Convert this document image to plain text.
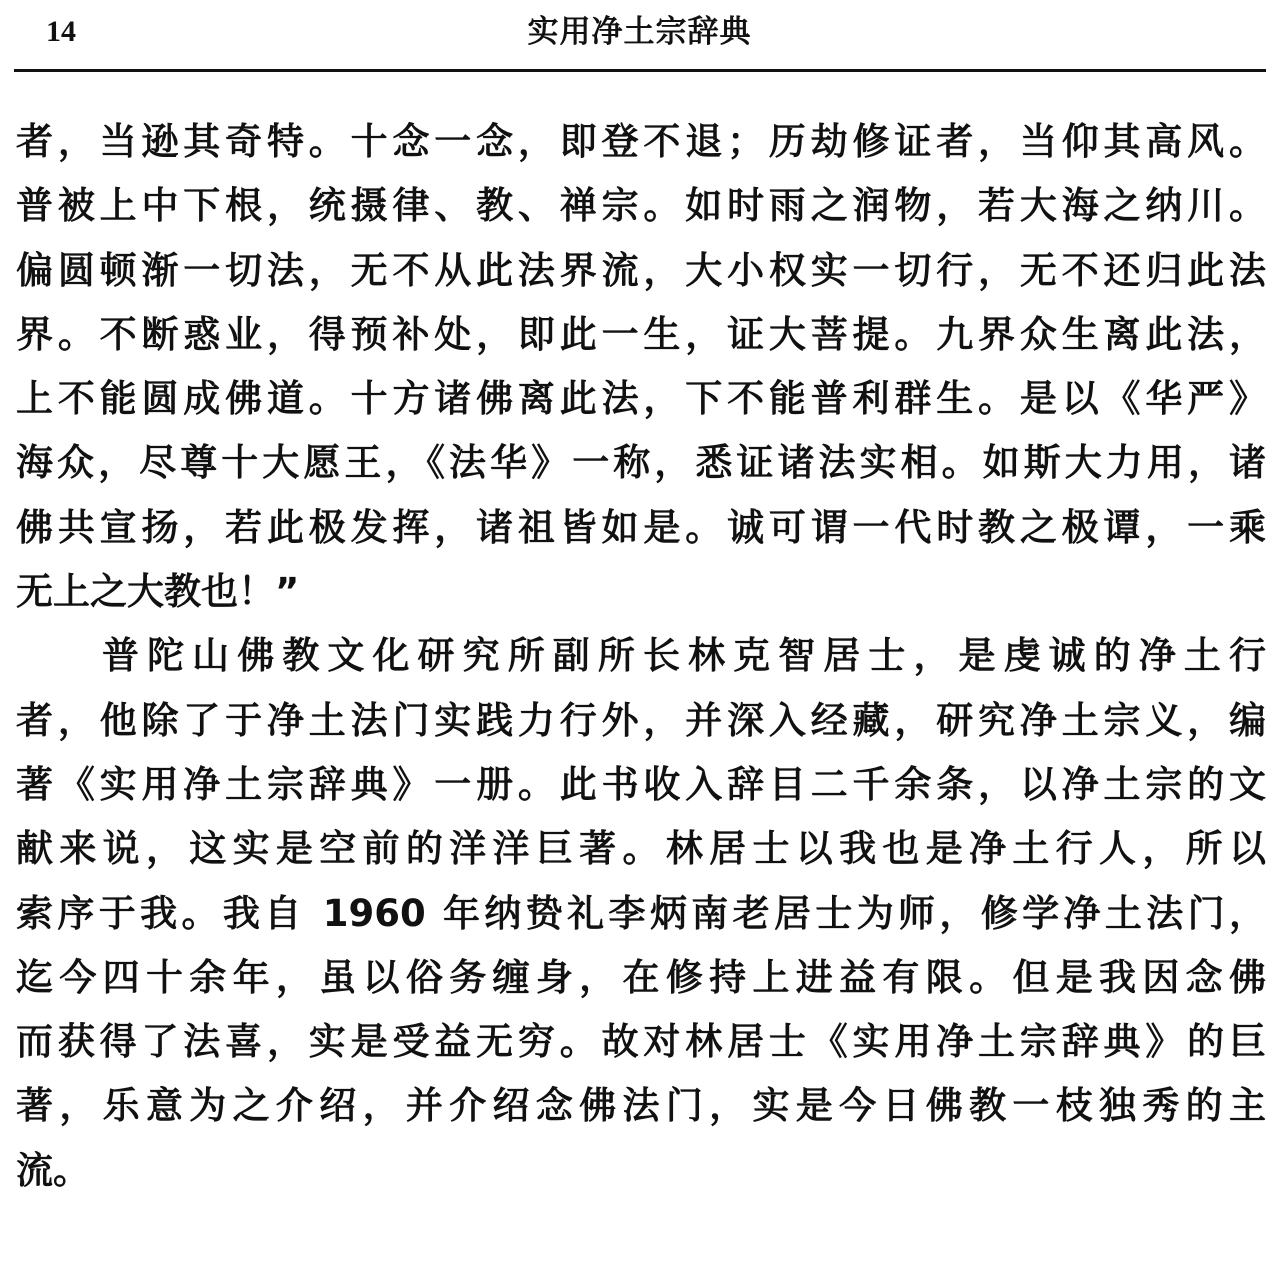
14	实用净土宗辞典
者，当逊其奇特。十念一念，即登不退；历劫修证者，当仰其高风。
普被上中下根，统摄律、教、禅宗。如时雨之润物，若大海之纳川。
偏圆顿渐一切法，无不从此法界流，大小权实一切行，无不还归此法
界。不断惑业，得预补处，即此一生，证大菩提。九界众生离此法，
上不能圆成佛道。十方诸佛离此法，下不能普利群生。是以《华严》
海众，尽尊十大愿王，《法华》一称，悉证诸法实相。如斯大力用，诸
佛共宣扬，若此极发挥，诸祖皆如是。诚可谓一代时教之极谭，一乘
无上之大教也！”
普陀山佛教文化研究所副所长林克智居士，是虔诚的净土行
者，他除了于净土法门实践力行外，并深入经藏，研究净土宗义，编
著《实用净土宗辞典》一册。此书收入辞目二千余条，以净土宗的文
献来说，这实是空前的洋洋巨著。林居士以我也是净土行人，所以
索序于我。我自 1960 年纳贽礼李炳南老居士为师，修学净土法门，
迄今四十余年，虽以俗务缠身，在修持上进益有限。但是我因念佛
而获得了法喜，实是受益无穷。故对林居士《实用净土宗辞典》的巨
著，乐意为之介绍，并介绍念佛法门，实是今日佛教一枝独秀的主
流。
